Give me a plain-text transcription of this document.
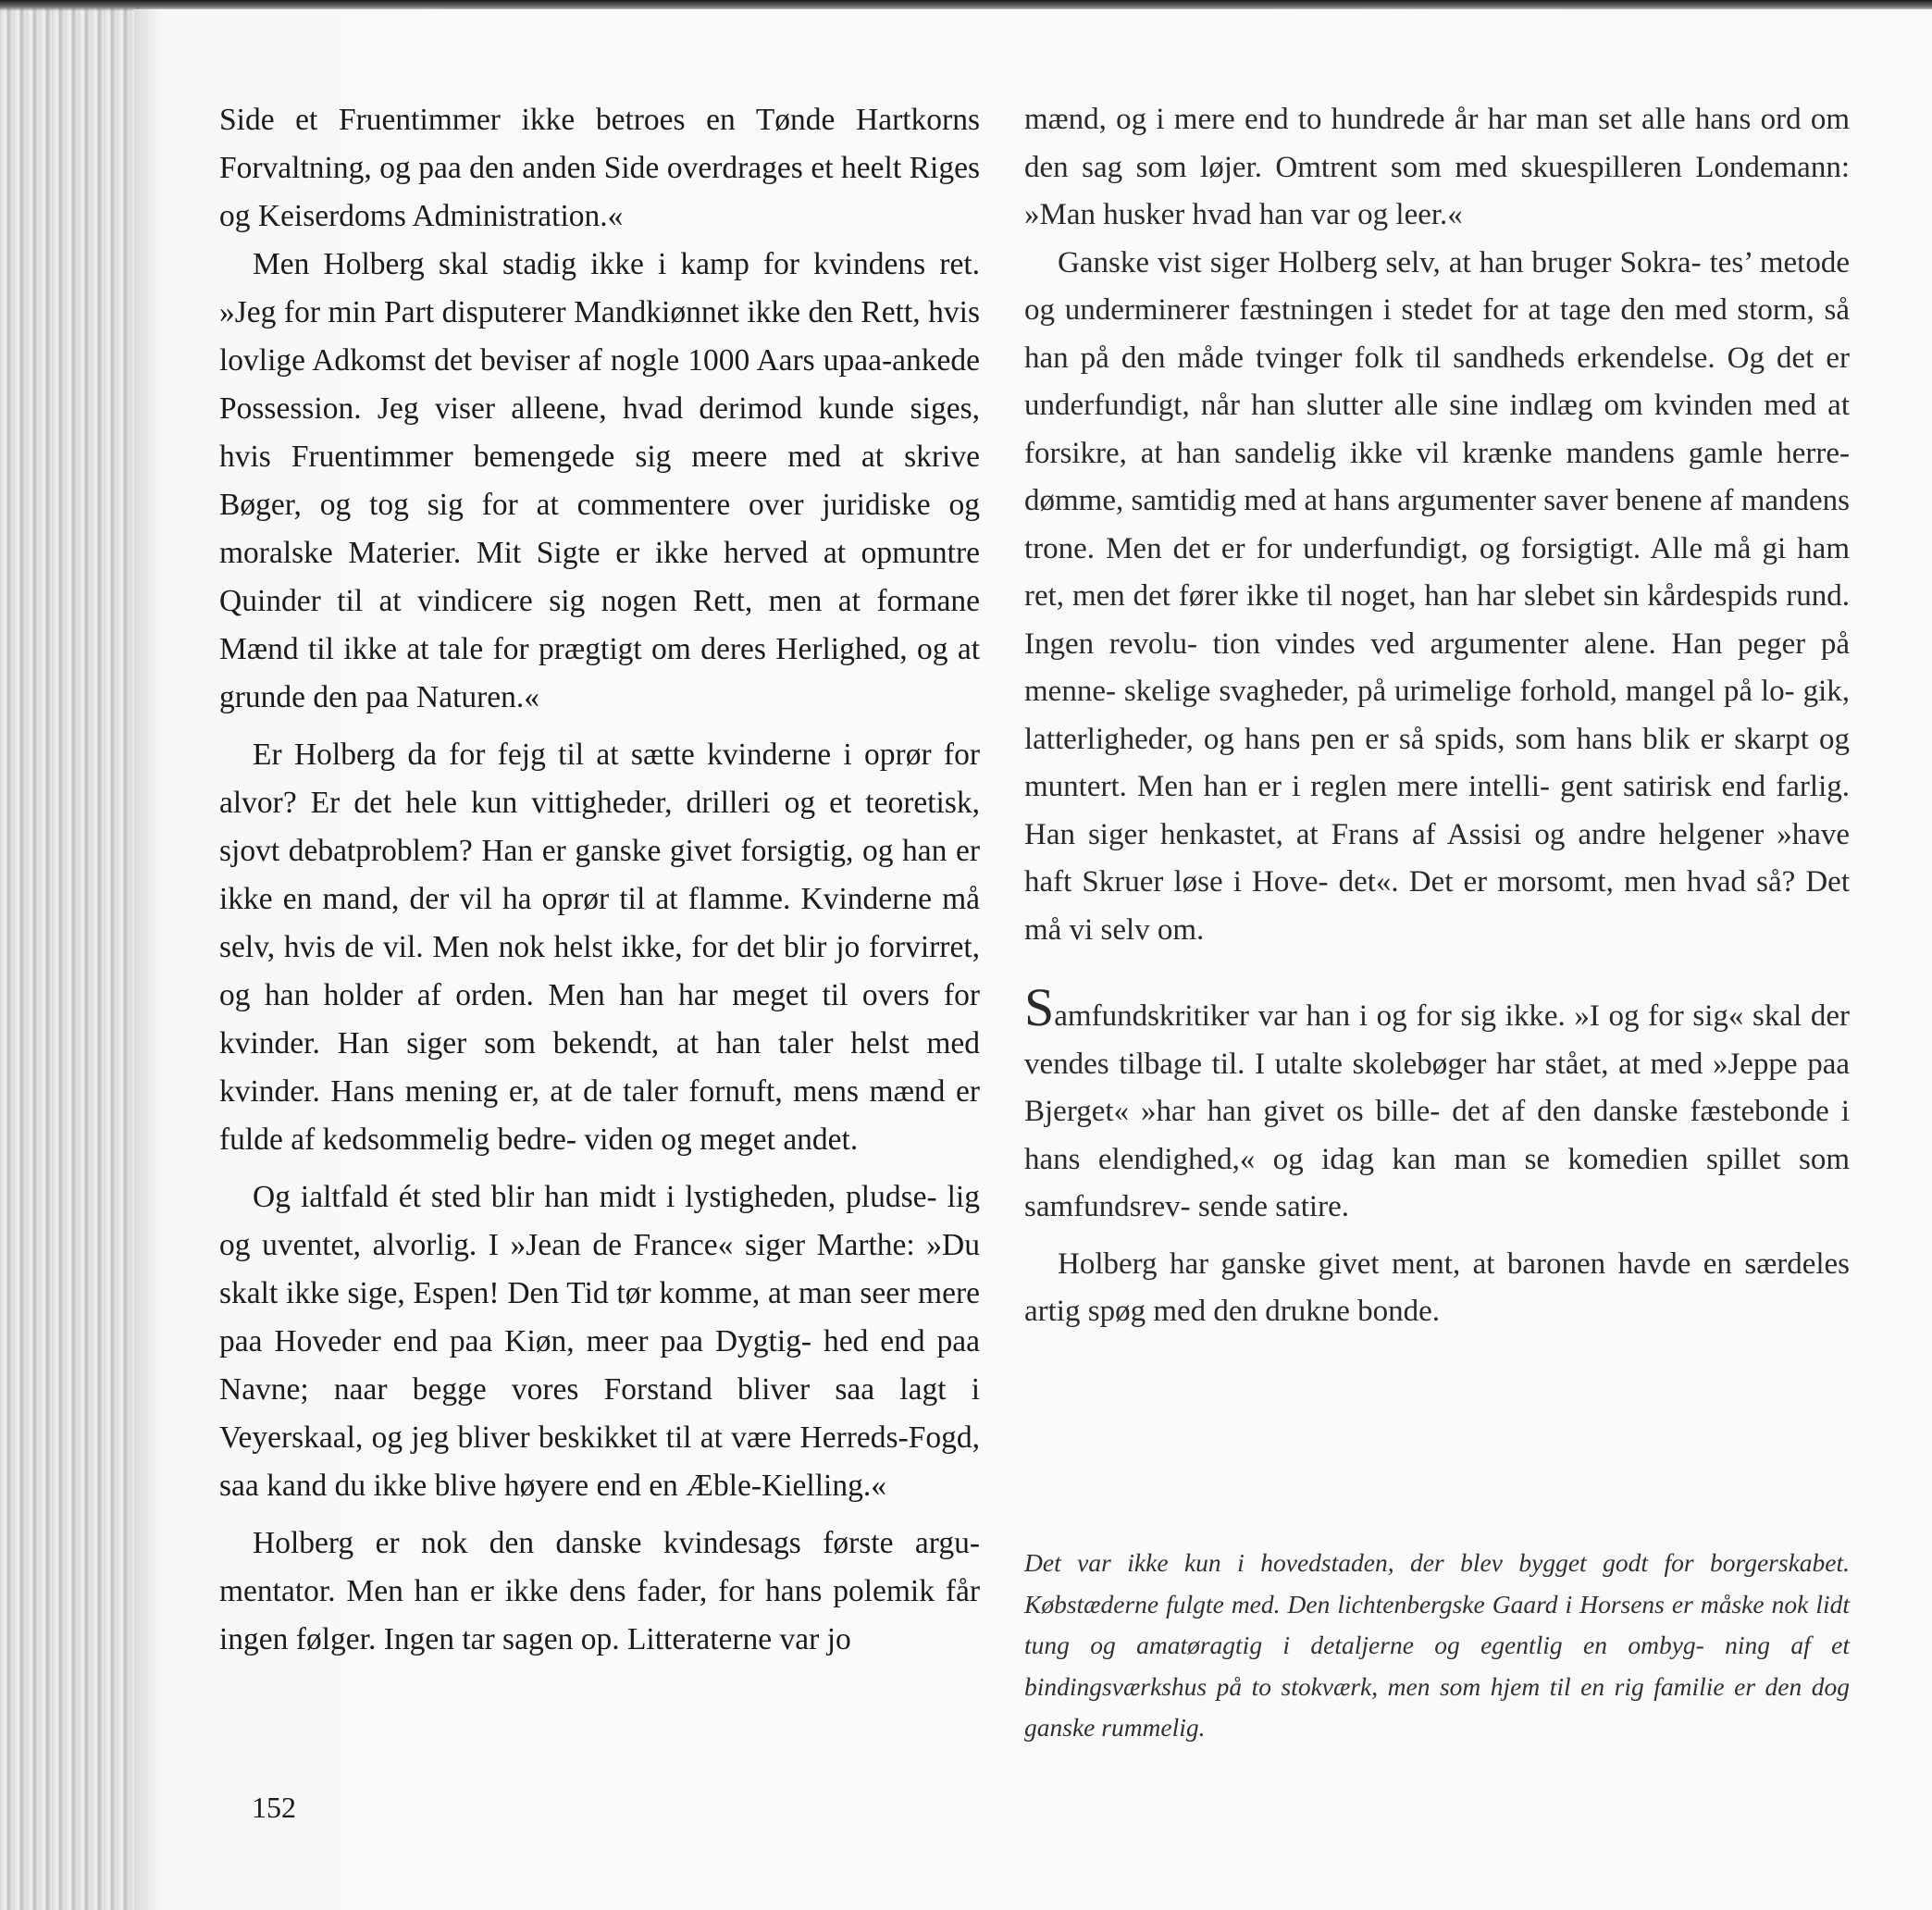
Side et Fruentimmer ikke betroes en Tønde Hartkorns Forvaltning, og paa den anden Side overdrages et heelt Riges og Keiserdoms Administration.«

Men Holberg skal stadig ikke i kamp for kvindens ret. »Jeg for min Part disputerer Mandkiønnet ikke den Rett, hvis lovlige Adkomst det beviser af nogle 1000 Aars upaa-ankede Possession. Jeg viser alleene, hvad derimod kunde siges, hvis Fruentimmer bemengede sig meere med at skrive Bøger, og tog sig for at commentere over juridiske og moralske Materier. Mit Sigte er ikke herved at opmuntre Quinder til at vindicere sig nogen Rett, men at formane Mænd til ikke at tale for prægtigt om deres Herlighed, og at grunde den paa Naturen.«

Er Holberg da for fejg til at sætte kvinderne i oprør for alvor? Er det hele kun vittigheder, drilleri og et teoretisk, sjovt debatproblem? Han er ganske givet forsigtig, og han er ikke en mand, der vil ha oprør til at flamme. Kvinderne må selv, hvis de vil. Men nok helst ikke, for det blir jo forvirret, og han holder af orden. Men han har meget til overs for kvinder. Han siger som bekendt, at han taler helst med kvinder. Hans mening er, at de taler fornuft, mens mænd er fulde af kedsommelig bedre- viden og meget andet.

Og ialtfald ét sted blir han midt i lystigheden, pludse- lig og uventet, alvorlig. I »Jean de France« siger Marthe: »Du skalt ikke sige, Espen! Den Tid tør komme, at man seer mere paa Hoveder end paa Kiøn, meer paa Dygtig- hed end paa Navne; naar begge vores Forstand bliver saa lagt i Veyerskaal, og jeg bliver beskikket til at være Herreds-Fogd, saa kand du ikke blive høyere end en Æble-Kielling.«

Holberg er nok den danske kvindesags første argu- mentator. Men han er ikke dens fader, for hans polemik får ingen følger. Ingen tar sagen op. Litteraterne var jo

mænd, og i mere end to hundrede år har man set alle hans ord om den sag som løjer. Omtrent som med skuespilleren Londemann: »Man husker hvad han var og leer.«

Ganske vist siger Holberg selv, at han bruger Sokra- tes’ metode og underminerer fæstningen i stedet for at tage den med storm, så han på den måde tvinger folk til sandheds erkendelse. Og det er underfundigt, når han slutter alle sine indlæg om kvinden med at forsikre, at han sandelig ikke vil krænke mandens gamle herre- dømme, samtidig med at hans argumenter saver benene af mandens trone. Men det er for underfundigt, og forsigtigt. Alle må gi ham ret, men det fører ikke til noget, han har slebet sin kårdespids rund. Ingen revolu- tion vindes ved argumenter alene. Han peger på menne- skelige svagheder, på urimelige forhold, mangel på lo- gik, latterligheder, og hans pen er så spids, som hans blik er skarpt og muntert. Men han er i reglen mere intelli- gent satirisk end farlig. Han siger henkastet, at Frans af Assisi og andre helgener »have haft Skruer løse i Hove- det«. Det er morsomt, men hvad så? Det må vi selv om.

Samfundskritiker var han i og for sig ikke. »I og for sig« skal der vendes tilbage til. I utalte skolebøger har stået, at med »Jeppe paa Bjerget« »har han givet os bille- det af den danske fæstebonde i hans elendighed,« og idag kan man se komedien spillet som samfundsrev- sende satire.

Holberg har ganske givet ment, at baronen havde en særdeles artig spøg med den drukne bonde.

Det var ikke kun i hovedstaden, der blev bygget godt for borgerskabet. Købstæderne fulgte med. Den lichtenbergske Gaard i Horsens er måske nok lidt tung og amatøragtig i detaljerne og egentlig en ombyg- ning af et bindingsværkshus på to stokværk, men som hjem til en rig familie er den dog ganske rummelig.

152
